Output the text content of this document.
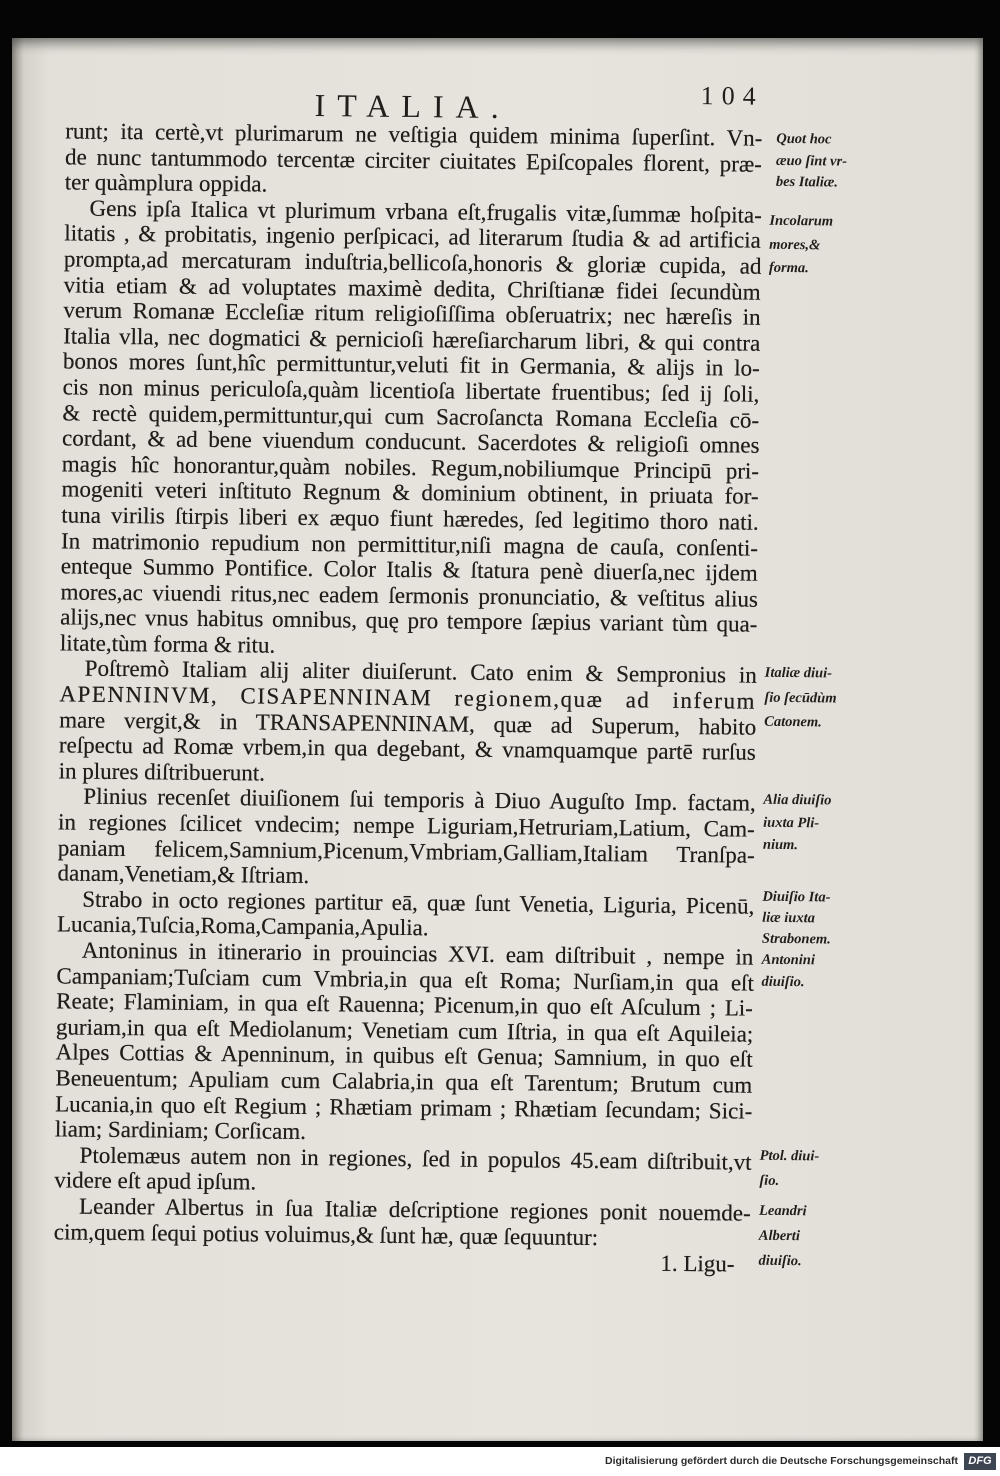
ITALIA.	104
runt; ita certè,vt plurimarum ne veſtigia quidem minima ſuperſint. Vn-
de nunc tantummodo tercentæ circiter ciuitates Epiſcopales florent, præ-
ter quàmplura oppida.
Gens ipſa Italica vt plurimum vrbana eſt,frugalis vitæ,ſummæ hoſpita-
litatis , & probitatis, ingenio perſpicaci, ad literarum ſtudia & ad artificia
prompta,ad mercaturam induſtria,bellicoſa,honoris & gloriæ cupida, ad
vitia etiam & ad voluptates maximè dedita, Chriſtianæ fidei ſecundùm
verum Romanæ Eccleſiæ ritum religioſiſſima obſeruatrix; nec hæreſis in
Italia vlla, nec dogmatici & pernicioſi hæreſiarcharum libri, & qui contra
bonos mores ſunt,hîc permittuntur,veluti fit in Germania, & alijs in lo-
cis non minus periculoſa,quàm licentioſa libertate fruentibus; ſed ij ſoli,
& rectè quidem,permittuntur,qui cum Sacroſancta Romana Eccleſia cō-
cordant, & ad bene viuendum conducunt. Sacerdotes & religioſi omnes
magis hîc honorantur,quàm nobiles. Regum,nobiliumque Principū pri-
mogeniti veteri inſtituto Regnum & dominium obtinent, in priuata for-
tuna virilis ſtirpis liberi ex æquo fiunt hæredes, ſed legitimo thoro nati.
In matrimonio repudium non permittitur,niſi magna de cauſa, conſenti-
enteque Summo Pontifice. Color Italis & ſtatura penè diuerſa,nec ijdem
mores,ac viuendi ritus,nec eadem ſermonis pronunciatio, & veſtitus alius
alijs,nec vnus habitus omnibus, quę pro tempore ſæpius variant tùm qua-
litate,tùm forma & ritu.
Poſtremò Italiam alij aliter diuiſerunt. Cato enim & Sempronius in
APENNINVM, CISAPENNINAM regionem,quæ ad inferum
mare vergit,& in TRANSAPENNINAM, quæ ad Superum, habito
reſpectu ad Romæ vrbem,in qua degebant, & vnamquamque partē rurſus
in plures diſtribuerunt.
Plinius recenſet diuiſionem ſui temporis à Diuo Auguſto Imp. factam,
in regiones ſcilicet vndecim; nempe Liguriam,Hetruriam,Latium, Cam-
paniam felicem,Samnium,Picenum,Vmbriam,Galliam,Italiam Tranſpa-
danam,Venetiam,& Iſtriam.
Strabo in octo regiones partitur eā, quæ ſunt Venetia, Liguria, Picenū,
Lucania,Tuſcia,Roma,Campania,Apulia.
Antoninus in itinerario in prouincias XVI. eam diſtribuit , nempe in
Campaniam;Tuſciam cum Vmbria,in qua eſt Roma; Nurſiam,in qua eſt
Reate; Flaminiam, in qua eſt Rauenna; Picenum,in quo eſt Aſculum ; Li-
guriam,in qua eſt Mediolanum; Venetiam cum Iſtria, in qua eſt Aquileia;
Alpes Cottias & Apenninum, in quibus eſt Genua; Samnium, in quo eſt
Beneuentum; Apuliam cum Calabria,in qua eſt Tarentum; Brutum cum
Lucania,in quo eſt Regium ; Rhætiam primam ; Rhætiam ſecundam; Sici-
liam; Sardiniam; Corſicam.
Ptolemæus autem non in regiones, ſed in populos 45.eam diſtribuit,vt
videre eſt apud ipſum.
Leander Albertus in ſua Italiæ deſcriptione regiones ponit nouemde-
cim,quem ſequi potius voluimus,& ſunt hæ, quæ ſequuntur:
1. Ligu-
Quot hoc
æuo ſint vr-
bes Italiæ.
Incolarum
mores,&
forma.
Italiæ diui-
ſio ſecūdùm
Catonem.
Alia diuiſio
iuxta Pli-
nium.
Diuiſio Ita-
liæ iuxta
Strabonem.
Antonini
diuiſio.
Ptol. diui-
ſio.
Leandri
Alberti
diuiſio.
Digitalisierung gefördert durch die Deutsche Forschungsgemeinschaft DFG
